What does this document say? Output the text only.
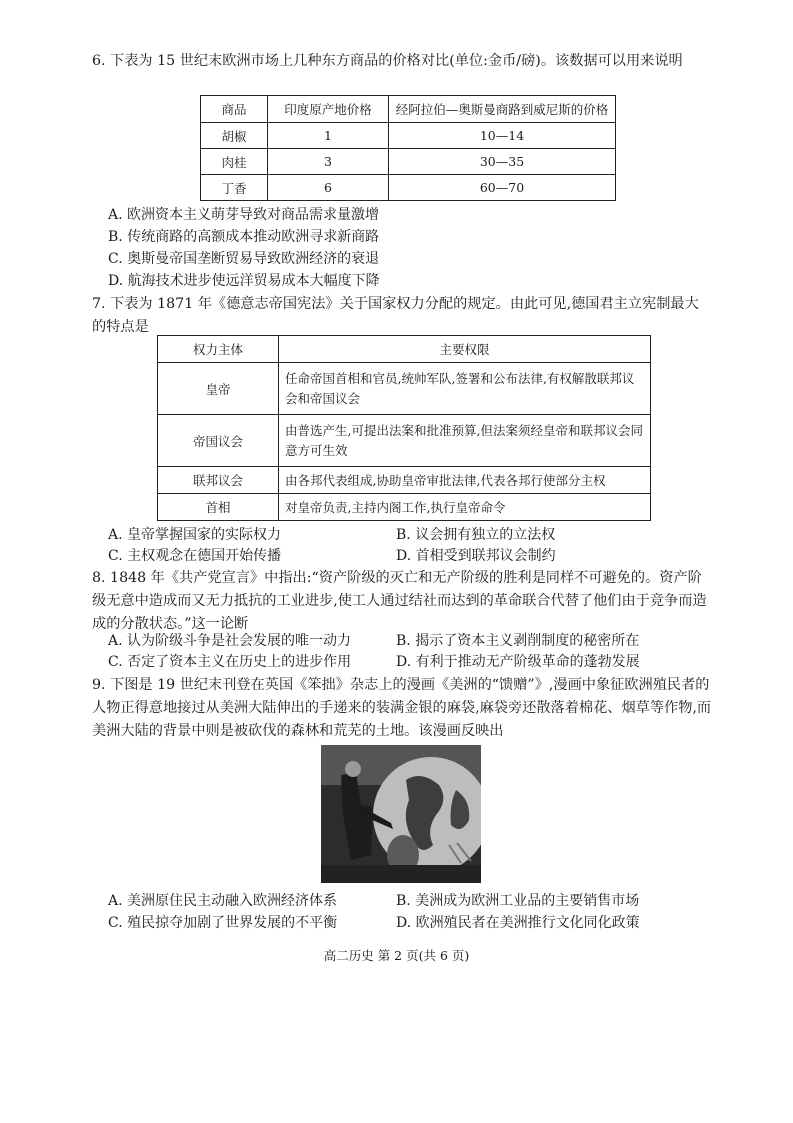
6. 下表为 15 世纪末欧洲市场上几种东方商品的价格对比(单位:金币/磅)。该数据可以用来说明

商品	印度原产地价格	经阿拉伯—奥斯曼商路到威尼斯的价格
胡椒	1	10—14
肉桂	3	30—35
丁香	6	60—70
A. 欧洲资本主义萌芽导致对商品需求量激增
B. 传统商路的高额成本推动欧洲寻求新商路
C. 奥斯曼帝国垄断贸易导致欧洲经济的衰退
D. 航海技术进步使远洋贸易成本大幅度下降

7. 下表为 1871 年《德意志帝国宪法》关于国家权力分配的规定。由此可见,德国君主立宪制最大的特点是

权力主体	主要权限
皇帝	任命帝国首相和官员,统帅军队,签署和公布法律,有权解散联邦议会和帝国议会
帝国议会	由普选产生,可提出法案和批准预算,但法案须经皇帝和联邦议会同意方可生效
联邦议会	由各邦代表组成,协助皇帝审批法律,代表各邦行使部分主权
首相	对皇帝负责,主持内阁工作,执行皇帝命令
A. 皇帝掌握国家的实际权力	B. 议会拥有独立的立法权
C. 主权观念在德国开始传播	D. 首相受到联邦议会制约

8. 1848 年《共产党宣言》中指出:“资产阶级的灭亡和无产阶级的胜利是同样不可避免的。资产阶级无意中造成而又无力抵抗的工业进步,使工人通过结社而达到的革命联合代替了他们由于竞争而造成的分散状态。”这一论断

A. 认为阶级斗争是社会发展的唯一动力	B. 揭示了资本主义剥削制度的秘密所在
C. 否定了资本主义在历史上的进步作用	D. 有利于推动无产阶级革命的蓬勃发展

9. 下图是 19 世纪末刊登在英国《笨拙》杂志上的漫画《美洲的“馈赠”》,漫画中象征欧洲殖民者的人物正得意地接过从美洲大陆伸出的手递来的装满金银的麻袋,麻袋旁还散落着棉花、烟草等作物,而美洲大陆的背景中则是被砍伐的森林和荒芜的土地。该漫画反映出

A. 美洲原住民主动融入欧洲经济体系	B. 美洲成为欧洲工业品的主要销售市场
C. 殖民掠夺加剧了世界发展的不平衡	D. 欧洲殖民者在美洲推行文化同化政策
高二历史 第 2 页(共 6 页)
